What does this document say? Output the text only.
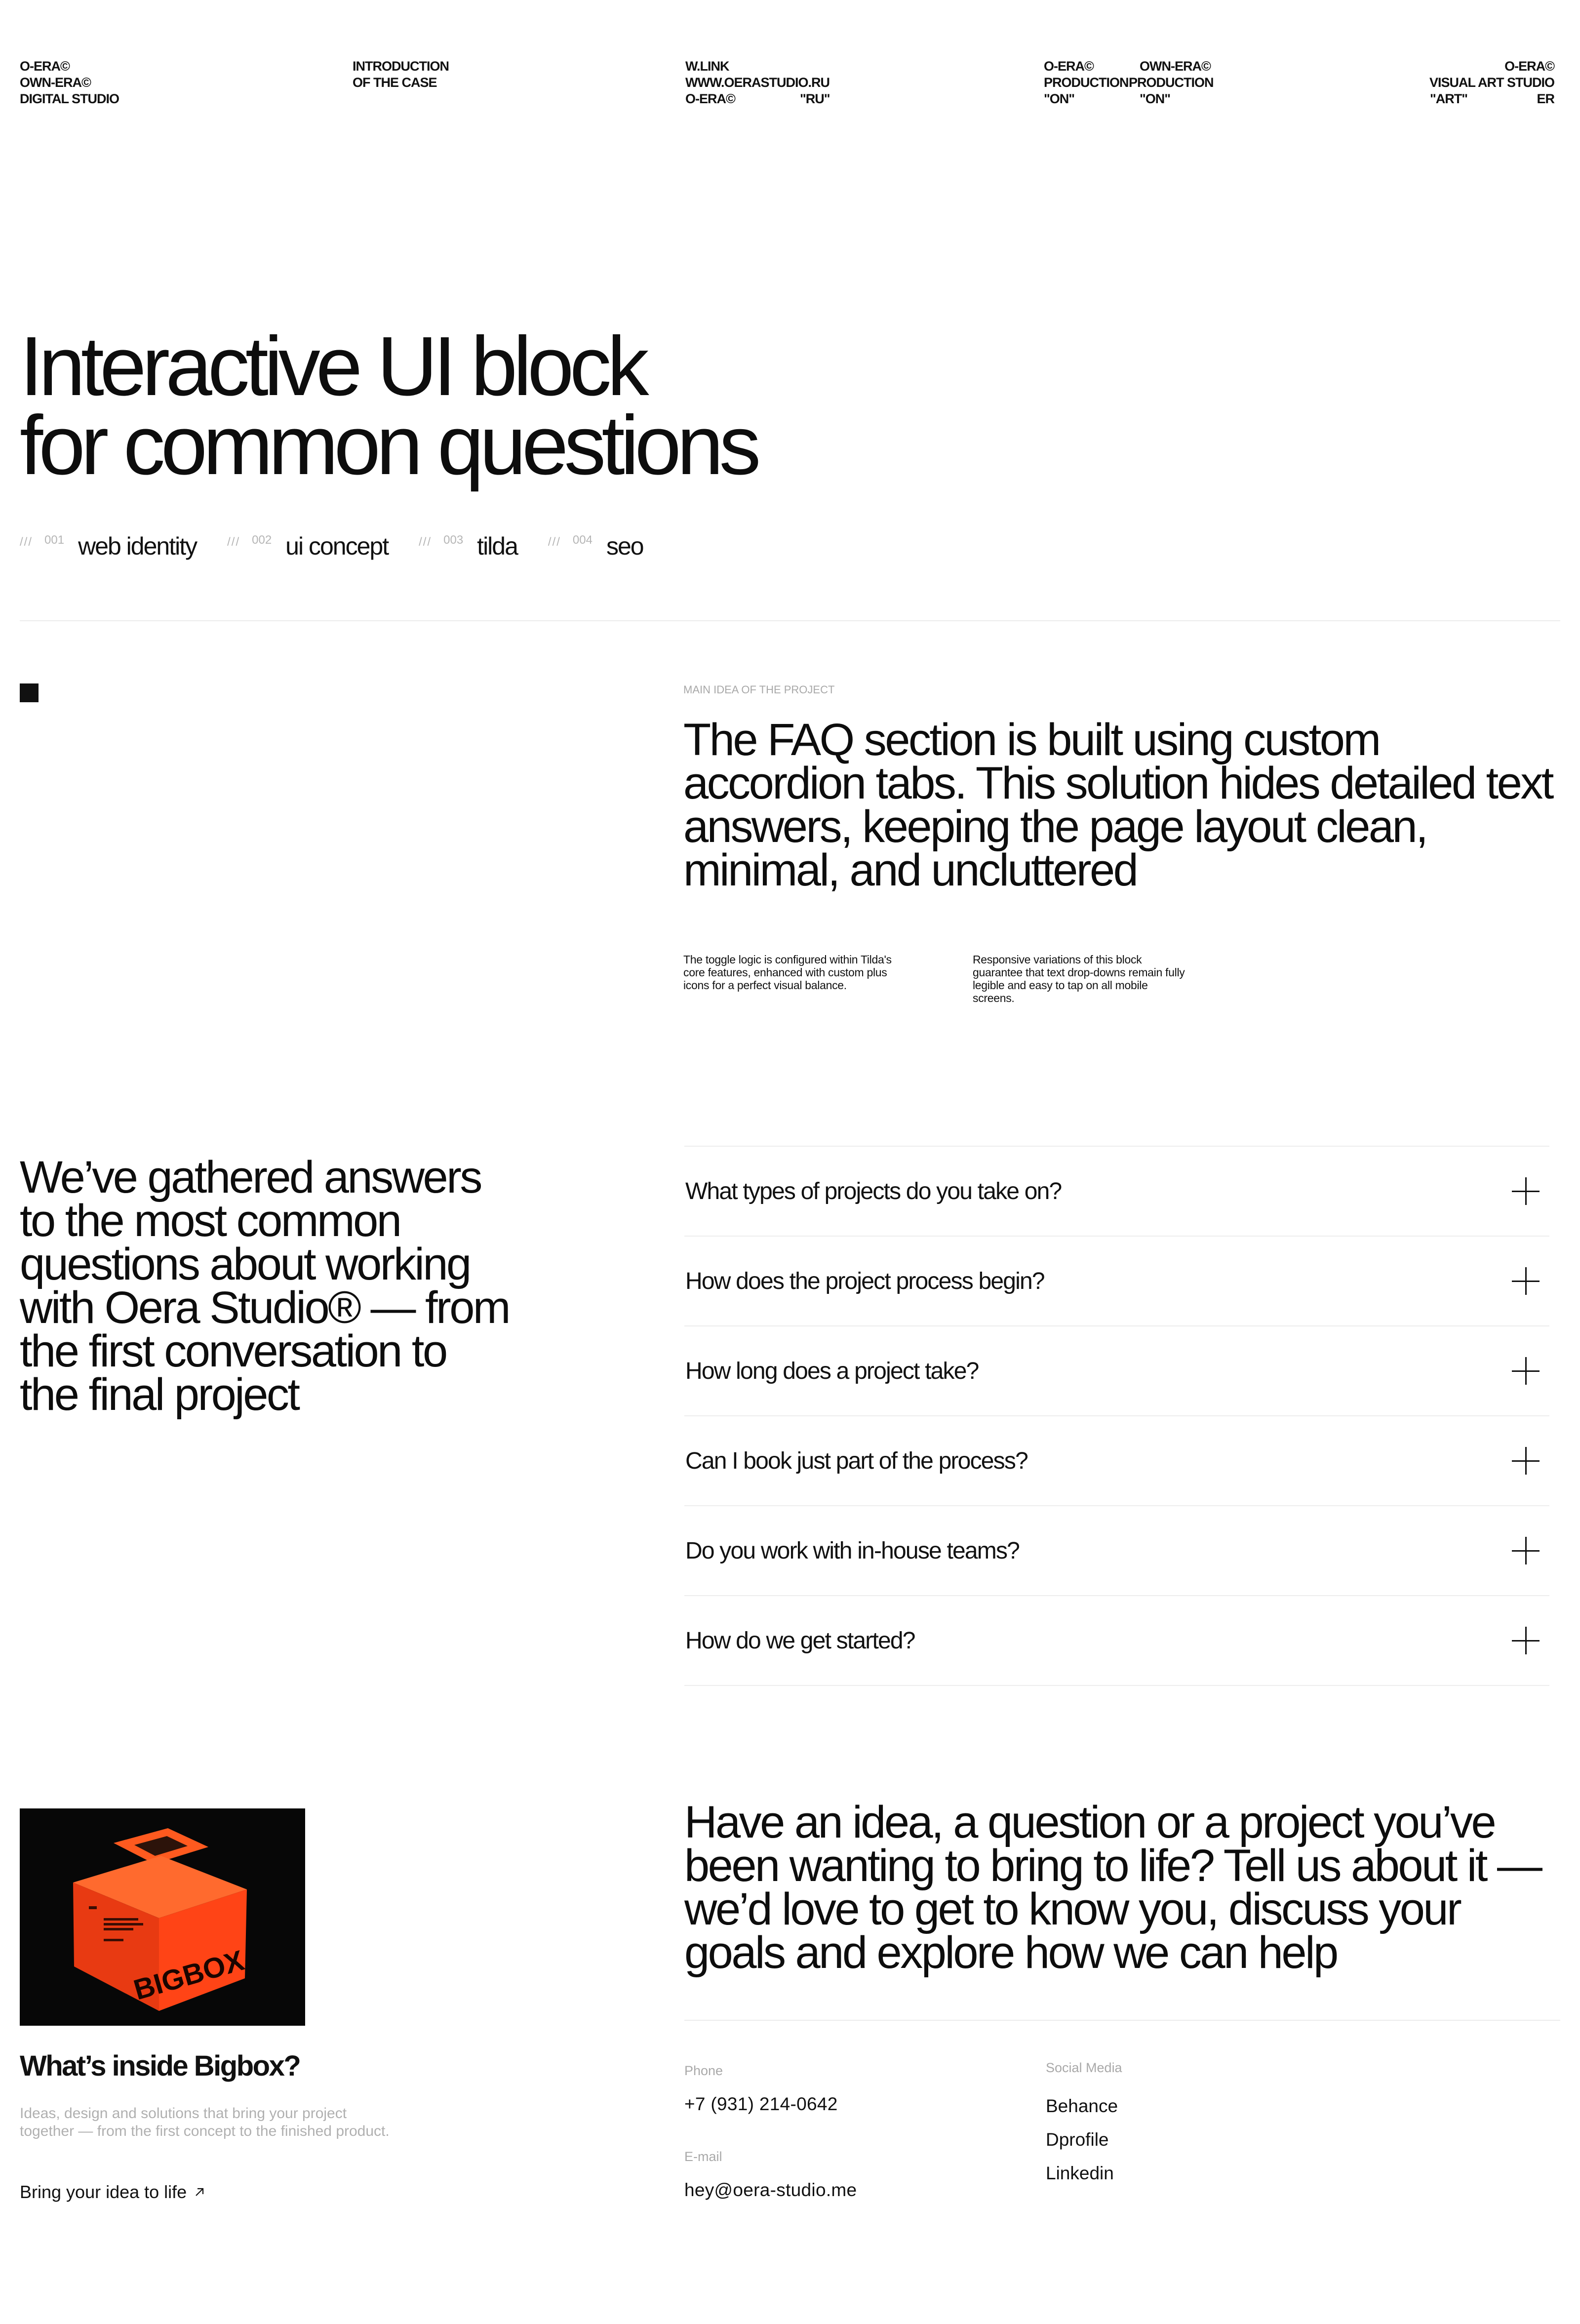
O-ERA©
OWN-ERA©
DIGITAL STUDIO
INTRODUCTION
OF THE CASE
W.LINK
WWW.OERASTUDIO.RU
O-ERA©	"RU"
O-ERA©	OWN-ERA©
PRODUCTIONPRODUCTION
"ON"	"ON"
O-ERA©
VISUAL ART STUDIO
"ART"	ER
Interactive UI block
for common questions
/// 001 web identity	/// 002 ui concept	/// 003 tilda	/// 004 seo
MAIN IDEA OF THE PROJECT

The FAQ section is built using custom accordion tabs. This solution hides detailed text answers, keeping the page layout clean, minimal, and uncluttered

The toggle logic is configured within Tilda's core features, enhanced with custom plus icons for a perfect visual balance.

Responsive variations of this block guarantee that text drop-downs remain fully legible and easy to tap on all mobile screens.

We’ve gathered answers to the most common questions about working with Oera Studio® — from the first conversation to the final project

What types of projects do you take on?
How does the project process begin?
How long does a project take?
Can I book just part of the process?
Do you work with in-house teams?
How do we get started?
BIGBOX
What’s inside Bigbox?

Ideas, design and solutions that bring your project together — from the first concept to the finished product.

Bring your idea to life

Have an idea, a question or a project you’ve been wanting to bring to life? Tell us about it — we’d love to get to know you, discuss your goals and explore how we can help

Phone
+7 (931) 214-0642
E-mail
hey@oera-studio.me
Social Media
Behance
Dprofile
Linkedin
